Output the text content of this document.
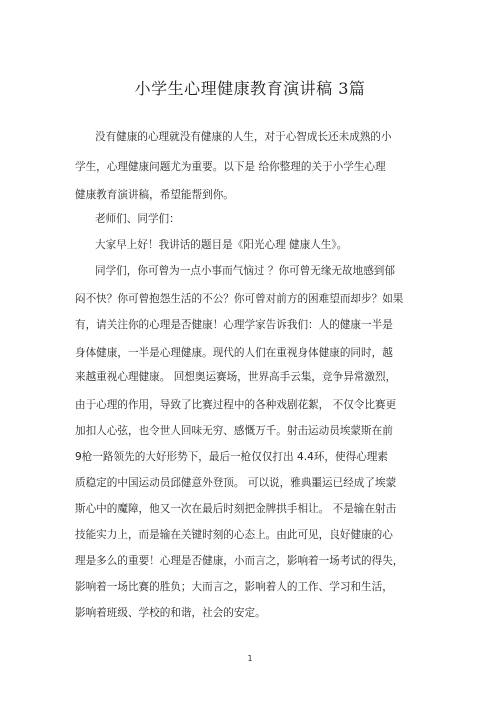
小学生心理健康教育演讲稿 3篇
没有健康的心理就没有健康的人生，对于心智成长还未成熟的小
学生，心理健康问题尤为重要。以下是 给你整理的关于小学生心理
健康教育演讲稿，希望能帮到你。
老师们、同学们：
大家早上好！我讲话的题目是《阳光心理 健康人生》。
同学们，你可曾为一点小事而气恼过 ？你可曾无缘无故地感到郁
闷不快？你可曾抱怨生活的不公？你可曾对前方的困难望而却步？如果
有，请关注你的心理是否健康！心理学家告诉我们：人的健康一半是
身体健康，一半是心理健康。现代的人们在重视身体健康的同时，越
来越重视心理健康。 回想奥运赛场，世界高手云集，竞争异常激烈，
由于心理的作用，导致了比赛过程中的各种戏剧花絮， 不仅令比赛更
加扣人心弦，也令世人回味无穷、感慨万千。射击运动员埃蒙斯在前
9枪一路领先的大好形势下，最后一枪仅仅打出 4.4环，使得心理素
质稳定的中国运动员邱健意外登顶。 可以说，雅典噩运已经成了埃蒙
斯心中的魔障，他又一次在最后时刻把金牌拱手相让。 不是输在射击
技能实力上，而是输在关键时刻的心态上。由此可见，良好健康的心
理是多么的重要！心理是否健康，小而言之，影响着一场考试的得失，
影响着一场比赛的胜负；大而言之，影响着人的工作、学习和生活，
影响着班级、学校的和谐，社会的安定。
1
